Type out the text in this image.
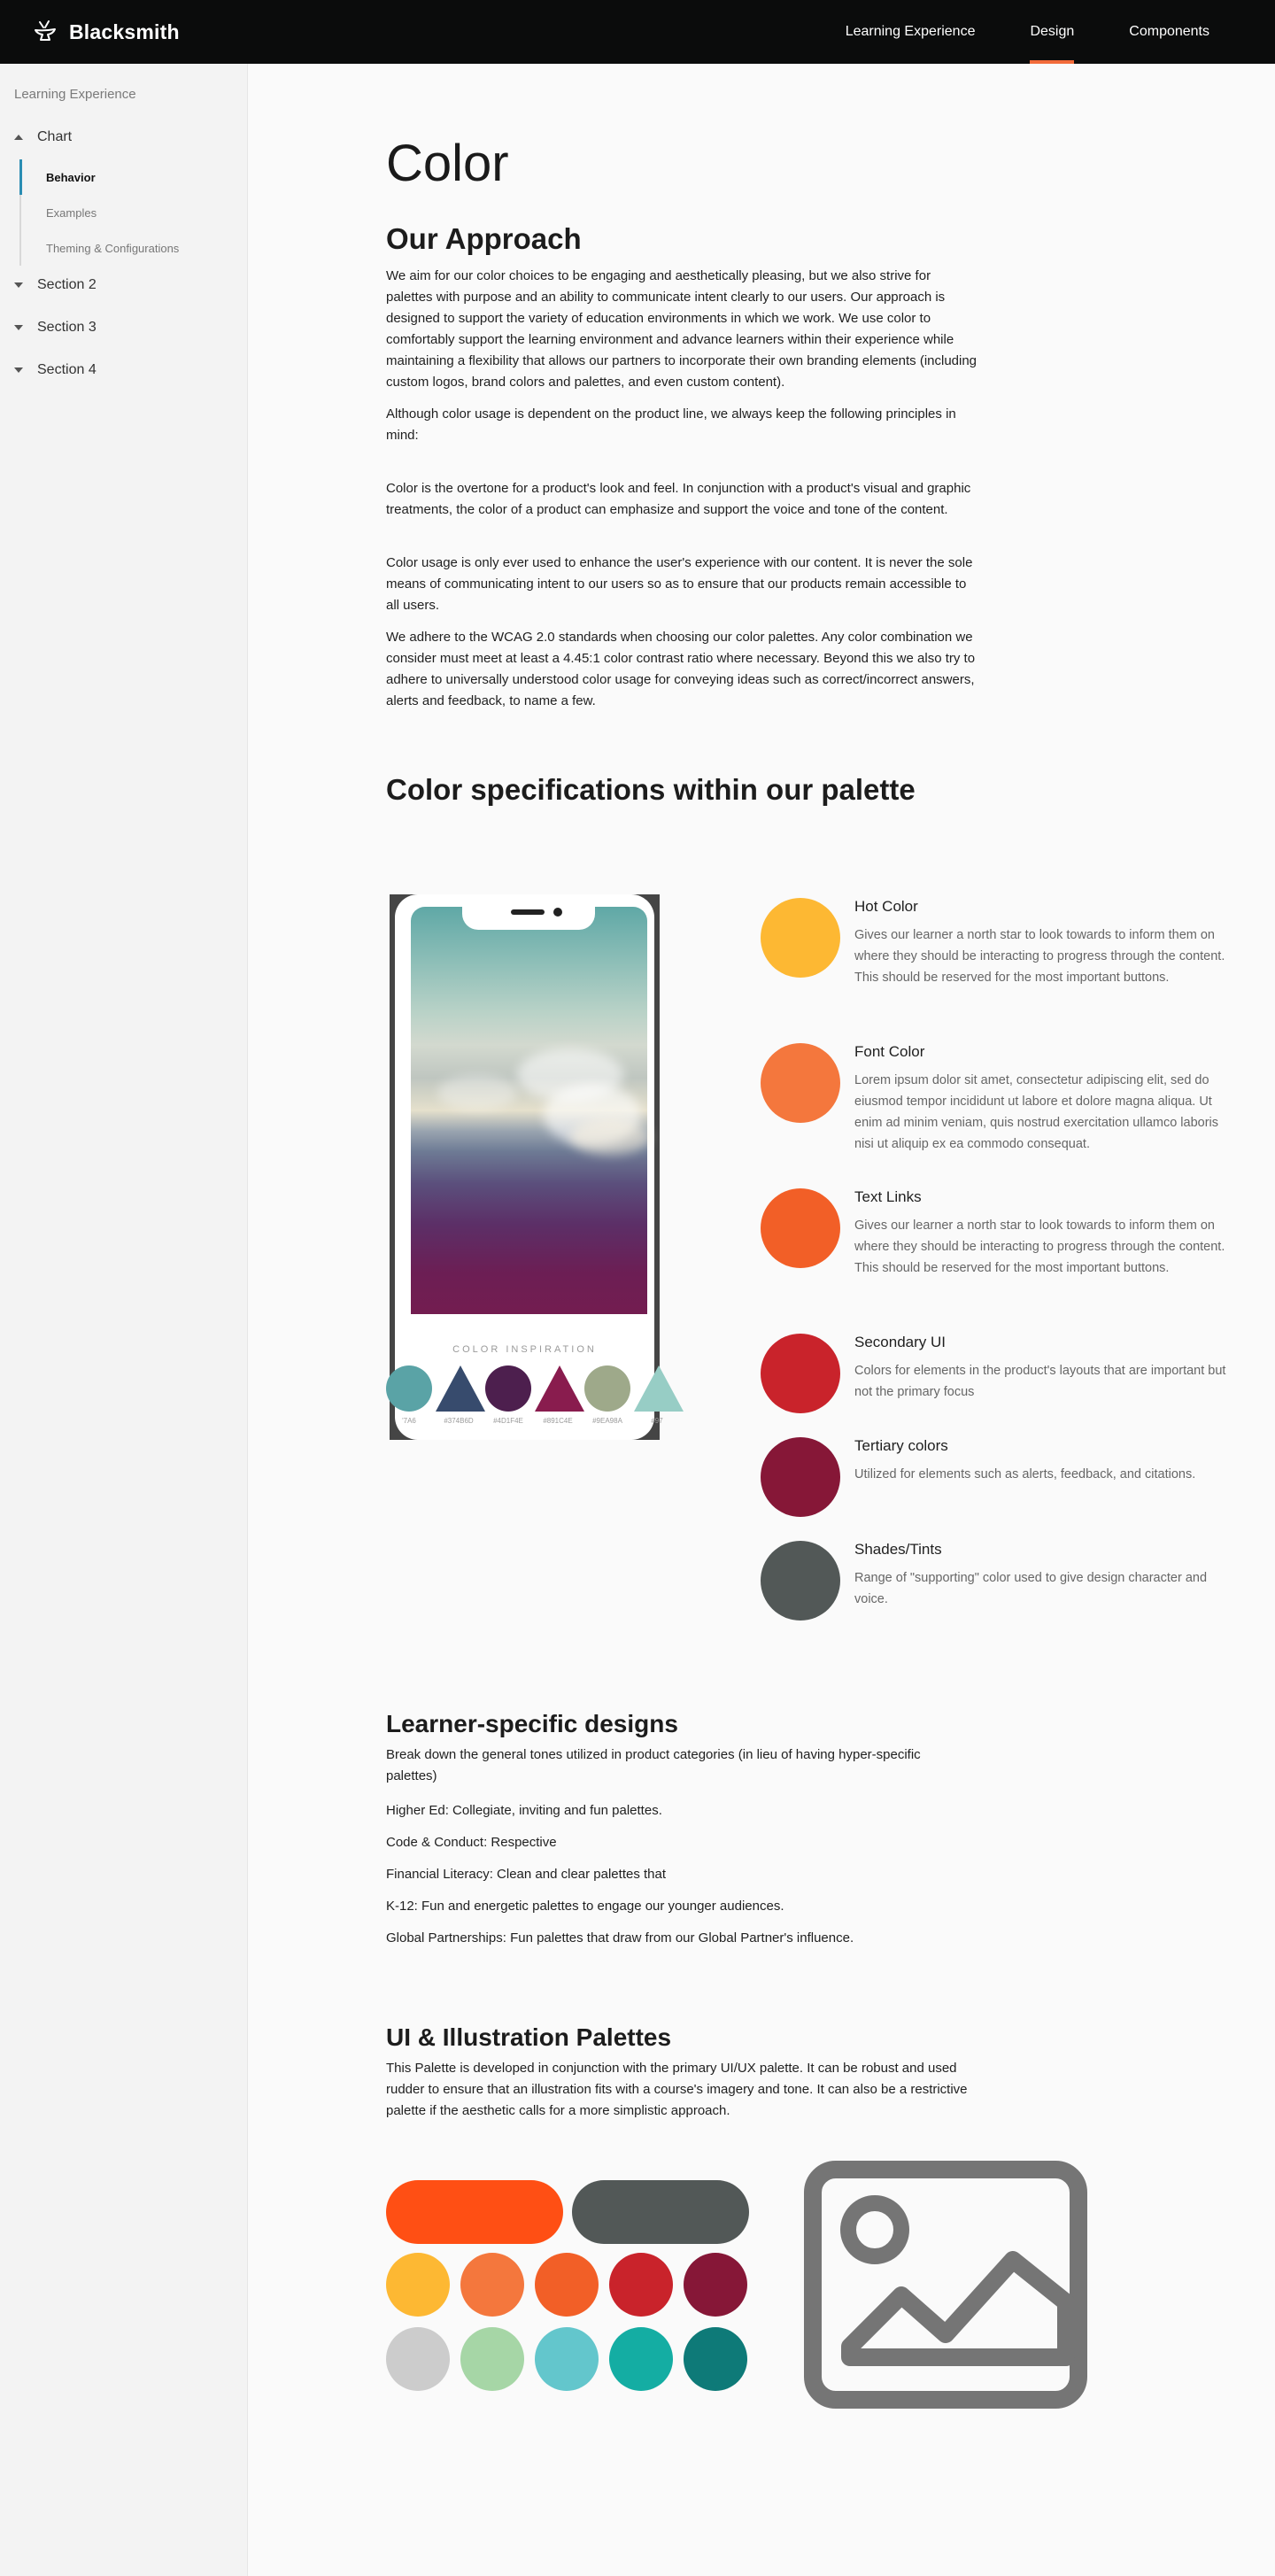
Blacksmith	Learning Experience	Design	Components
Learning Experience
Chart
Behavior
Examples
Theming & Configurations
Section 2
Section 3
Section 4
Color
Our Approach

We aim for our color choices to be engaging and aesthetically pleasing, but we also strive for palettes with purpose and an ability to communicate intent clearly to our users. Our approach is designed to support the variety of education environments in which we work. We use color to comfortably support the learning environment and advance learners within their experience while maintaining a flexibility that allows our partners to incorporate their own branding elements (including custom logos, brand colors and palettes, and even custom content).

Although color usage is dependent on the product line, we always keep the following principles in mind:

Color is the overtone for a product's look and feel. In conjunction with a product's visual and graphic treatments, the color of a product can emphasize and support the voice and tone of the content.

Color usage is only ever used to enhance the user's experience with our content. It is never the sole means of communicating intent to our users so as to ensure that our products remain accessible to all users.

We adhere to the WCAG 2.0 standards when choosing our color palettes. Any color combination we consider must meet at least a 4.45:1 color contrast ratio where necessary. Beyond this we also try to adhere to universally understood color usage for conveying ideas such as correct/incorrect answers, alerts and feedback, to name a few.

Color specifications within our palette
COLOR INSPIRATION
'7A6	#374B6D	#4D1F4E	#891C4E	#9EA98A	#97
Hot Color
Gives our learner a north star to look towards to inform them on where they should be interacting to progress through the content. This should be reserved for the most important buttons.
Font Color
Lorem ipsum dolor sit amet, consectetur adipiscing elit, sed do eiusmod tempor incididunt ut labore et dolore magna aliqua. Ut enim ad minim veniam, quis nostrud exercitation ullamco laboris nisi ut aliquip ex ea commodo consequat.
Text Links
Gives our learner a north star to look towards to inform them on where they should be interacting to progress through the content. This should be reserved for the most important buttons.
Secondary UI
Colors for elements in the product's layouts that are important but not the primary focus
Tertiary colors
Utilized for elements such as alerts, feedback, and citations.
Shades/Tints
Range of "supporting" color used to give design character and voice.
Learner-specific designs

Break down the general tones utilized in product categories (in lieu of having hyper-specific palettes)

Higher Ed: Collegiate, inviting and fun palettes.
Code & Conduct: Respective
Financial Literacy: Clean and clear palettes that
K-12: Fun and energetic palettes to engage our younger audiences.
Global Partnerships: Fun palettes that draw from our Global Partner's influence.
UI & Illustration Palettes

This Palette is developed in conjunction with the primary UI/UX palette. It can be robust and used rudder to ensure that an illustration fits with a course's imagery and tone. It can also be a restrictive palette if the aesthetic calls for a more simplistic approach.
